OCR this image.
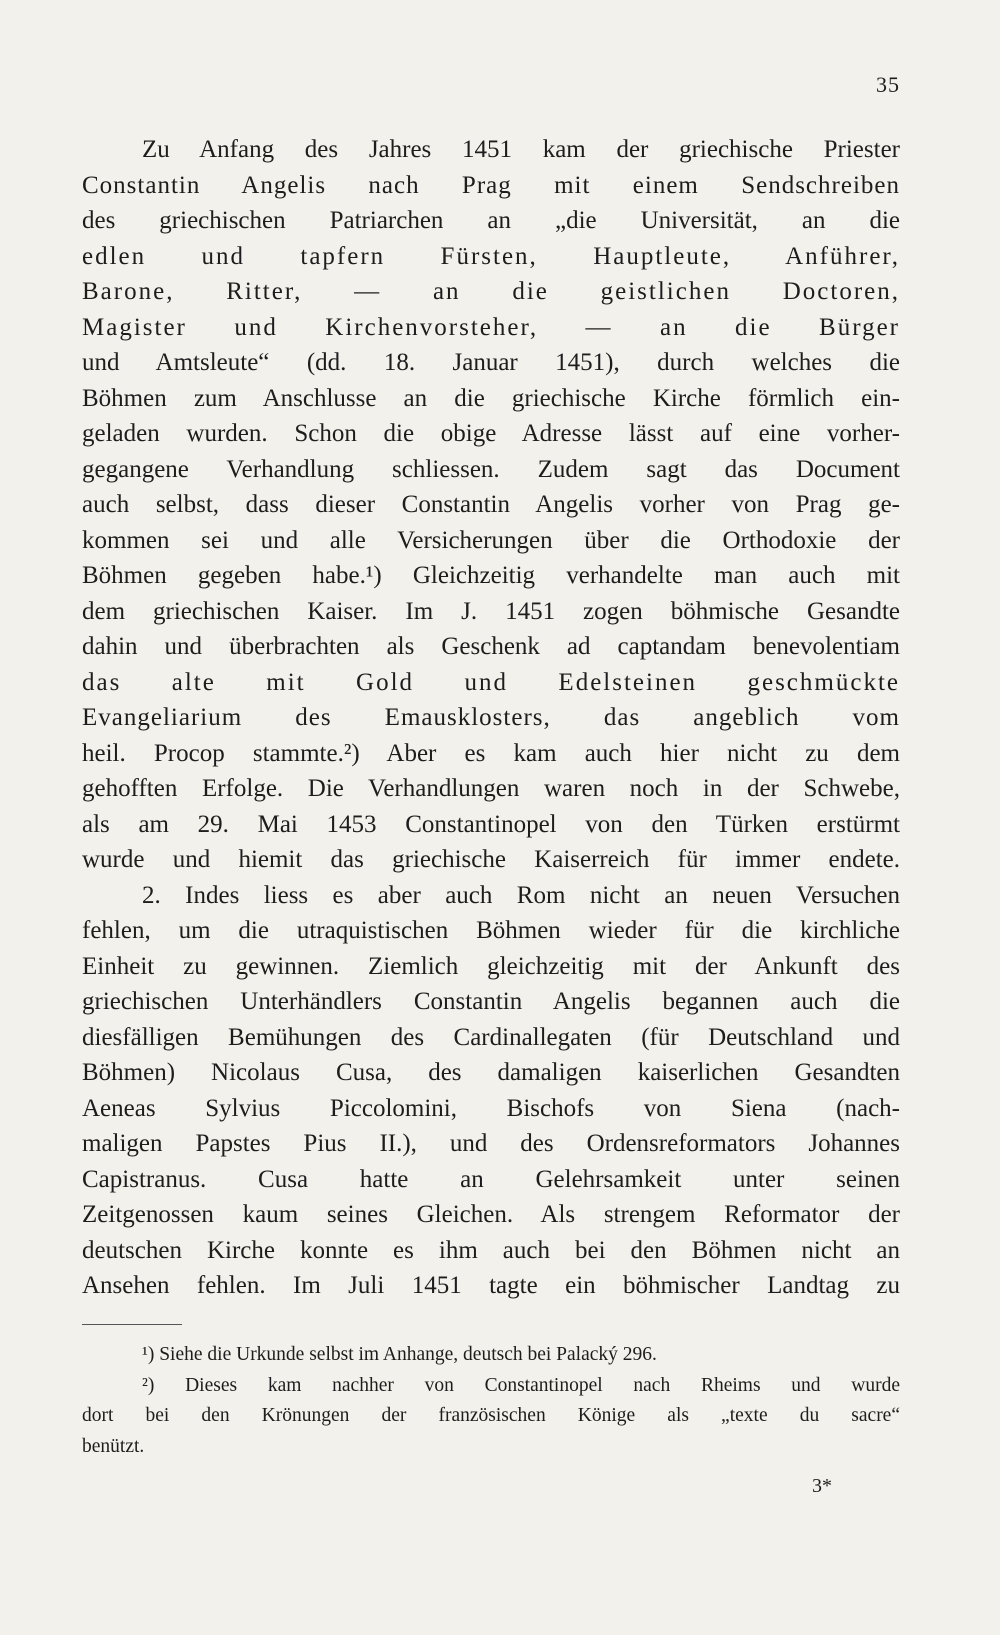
35
Zu Anfang des Jahres 1451 kam der griechische Priester
Constantin Angelis nach Prag mit einem Sendschreiben
des griechischen Patriarchen an „die Universität, an die
edlen und tapfern Fürsten, Hauptleute, Anführer,
Barone, Ritter, — an die geistlichen Doctoren,
Magister und Kirchenvorsteher, — an die Bürger
und Amtsleute“ (dd. 18. Januar 1451), durch welches die
Böhmen zum Anschlusse an die griechische Kirche förmlich ein-
geladen wurden. Schon die obige Adresse lässt auf eine vorher-
gegangene Verhandlung schliessen. Zudem sagt das Document
auch selbst, dass dieser Constantin Angelis vorher von Prag ge-
kommen sei und alle Versicherungen über die Orthodoxie der
Böhmen gegeben habe.¹) Gleichzeitig verhandelte man auch mit
dem griechischen Kaiser. Im J. 1451 zogen böhmische Gesandte
dahin und überbrachten als Geschenk ad captandam benevolentiam
das alte mit Gold und Edelsteinen geschmückte
Evangeliarium des Emausklosters, das angeblich vom
heil. Procop stammte.²) Aber es kam auch hier nicht zu dem
gehofften Erfolge. Die Verhandlungen waren noch in der Schwebe,
als am 29. Mai 1453 Constantinopel von den Türken erstürmt
wurde und hiemit das griechische Kaiserreich für immer endete.
2. Indes liess es aber auch Rom nicht an neuen Versuchen
fehlen, um die utraquistischen Böhmen wieder für die kirchliche
Einheit zu gewinnen. Ziemlich gleichzeitig mit der Ankunft des
griechischen Unterhändlers Constantin Angelis begannen auch die
diesfälligen Bemühungen des Cardinallegaten (für Deutschland und
Böhmen) Nicolaus Cusa, des damaligen kaiserlichen Gesandten
Aeneas Sylvius Piccolomini, Bischofs von Siena (nach-
maligen Papstes Pius II.), und des Ordensreformators Johannes
Capistranus. Cusa hatte an Gelehrsamkeit unter seinen
Zeitgenossen kaum seines Gleichen. Als strengem Reformator der
deutschen Kirche konnte es ihm auch bei den Böhmen nicht an
Ansehen fehlen. Im Juli 1451 tagte ein böhmischer Landtag zu
¹) Siehe die Urkunde selbst im Anhange, deutsch bei Palacký 296.
²) Dieses kam nachher von Constantinopel nach Rheims und wurde
dort bei den Krönungen der französischen Könige als „texte du sacre“
benützt.
3*
